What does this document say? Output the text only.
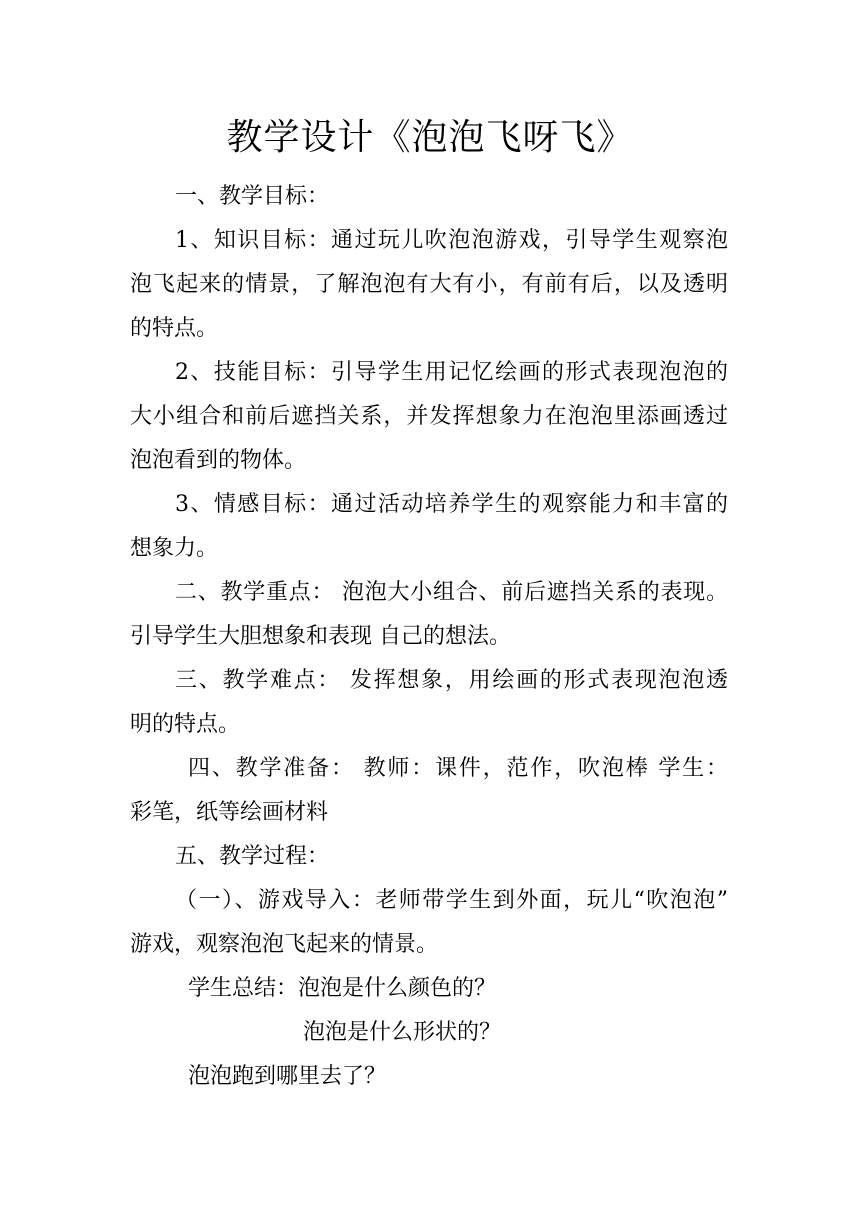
教学设计《泡泡飞呀飞》

一、教学目标：

1、知识目标：通过玩儿吹泡泡游戏，引导学生观察泡

泡飞起来的情景，了解泡泡有大有小，有前有后，以及透明

的特点。

2、技能目标：引导学生用记忆绘画的形式表现泡泡的

大小组合和前后遮挡关系，并发挥想象力在泡泡里添画透过

泡泡看到的物体。

3、情感目标：通过活动培养学生的观察能力和丰富的

想象力。

二、教学重点： 泡泡大小组合、前后遮挡关系的表现。

引导学生大胆想象和表现 自己的想法。

三、教学难点： 发挥想象，用绘画的形式表现泡泡透

明的特点。

四、教学准备： 教师：课件，范作，吹泡棒 学生：

彩笔，纸等绘画材料

五、教学过程：

（一）、游戏导入：老师带学生到外面，玩儿“吹泡泡”

游戏，观察泡泡飞起来的情景。

学生总结：泡泡是什么颜色的？

泡泡是什么形状的？

泡泡跑到哪里去了？
